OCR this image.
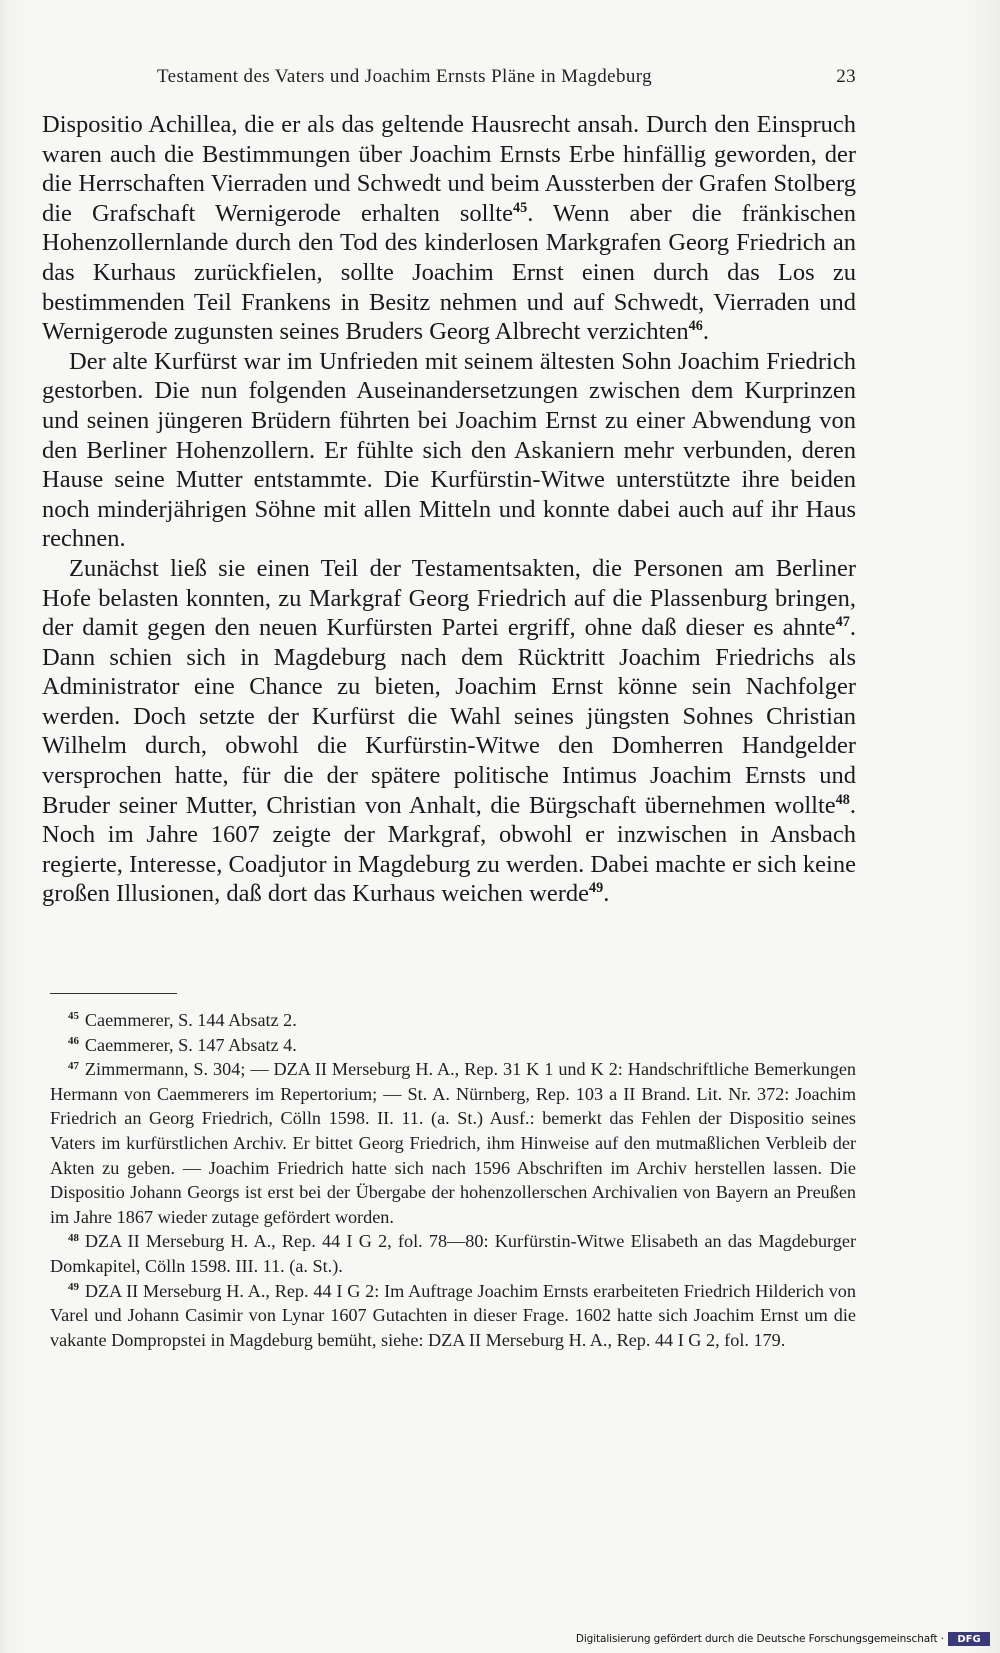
Testament des Vaters und Joachim Ernsts Pläne in Magdeburg	23

Dispositio Achillea, die er als das geltende Hausrecht ansah. Durch den Einspruch waren auch die Bestimmungen über Joachim Ernsts Erbe hinfällig geworden, der die Herrschaften Vierraden und Schwedt und beim Aussterben der Grafen Stolberg die Grafschaft Wernigerode erhalten sollte$^{45}$. Wenn aber die fränkischen Hohenzollernlande durch den Tod des kinderlosen Markgrafen Georg Friedrich an das Kurhaus zurückfielen, sollte Joachim Ernst einen durch das Los zu bestimmenden Teil Frankens in Besitz nehmen und auf Schwedt, Vierraden und Wernigerode zugunsten seines Bruders Georg Albrecht verzichten$^{46}$.

Der alte Kurfürst war im Unfrieden mit seinem ältesten Sohn Joachim Friedrich gestorben. Die nun folgenden Auseinandersetzungen zwischen dem Kurprinzen und seinen jüngeren Brüdern führten bei Joachim Ernst zu einer Abwendung von den Berliner Hohenzollern. Er fühlte sich den Askaniern mehr verbunden, deren Hause seine Mutter entstammte. Die Kurfürstin-Witwe unterstützte ihre beiden noch minderjährigen Söhne mit allen Mitteln und konnte dabei auch auf ihr Haus rechnen.

Zunächst ließ sie einen Teil der Testamentsakten, die Personen am Berliner Hofe belasten konnten, zu Markgraf Georg Friedrich auf die Plassenburg bringen, der damit gegen den neuen Kurfürsten Partei ergriff, ohne daß dieser es ahnte$^{47}$. Dann schien sich in Magdeburg nach dem Rücktritt Joachim Friedrichs als Administrator eine Chance zu bieten, Joachim Ernst könne sein Nachfolger werden. Doch setzte der Kurfürst die Wahl seines jüngsten Sohnes Christian Wilhelm durch, obwohl die Kurfürstin-Witwe den Domherren Handgelder versprochen hatte, für die der spätere politische Intimus Joachim Ernsts und Bruder seiner Mutter, Christian von Anhalt, die Bürgschaft übernehmen wollte$^{48}$. Noch im Jahre 1607 zeigte der Markgraf, obwohl er inzwischen in Ansbach regierte, Interesse, Coadjutor in Magdeburg zu werden. Dabei machte er sich keine großen Illusionen, daß dort das Kurhaus weichen werde$^{49}$.

$^{45}$ Caemmerer, S. 144 Absatz 2.

$^{46}$ Caemmerer, S. 147 Absatz 4.

$^{47}$ Zimmermann, S. 304; — DZA II Merseburg H. A., Rep. 31 K 1 und K 2: Handschriftliche Bemerkungen Hermann von Caemmerers im Repertorium; — St. A. Nürnberg, Rep. 103 a II Brand. Lit. Nr. 372: Joachim Friedrich an Georg Friedrich, Cölln 1598. II. 11. (a. St.) Ausf.: bemerkt das Fehlen der Dispositio seines Vaters im kurfürstlichen Archiv. Er bittet Georg Friedrich, ihm Hinweise auf den mutmaßlichen Verbleib der Akten zu geben. — Joachim Friedrich hatte sich nach 1596 Abschriften im Archiv herstellen lassen. Die Dispositio Johann Georgs ist erst bei der Übergabe der hohenzollerschen Archivalien von Bayern an Preußen im Jahre 1867 wieder zutage gefördert worden.

$^{48}$ DZA II Merseburg H. A., Rep. 44 I G 2, fol. 78—80: Kurfürstin-Witwe Elisabeth an das Magdeburger Domkapitel, Cölln 1598. III. 11. (a. St.).

$^{49}$ DZA II Merseburg H. A., Rep. 44 I G 2: Im Auftrage Joachim Ernsts erarbeiteten Friedrich Hilderich von Varel und Johann Casimir von Lynar 1607 Gutachten in dieser Frage. 1602 hatte sich Joachim Ernst um die vakante Dompropstei in Magdeburg bemüht, siehe: DZA II Merseburg H. A., Rep. 44 I G 2, fol. 179.

Digitalisierung gefördert durch die Deutsche Forschungsgemeinschaft ·	DFG
